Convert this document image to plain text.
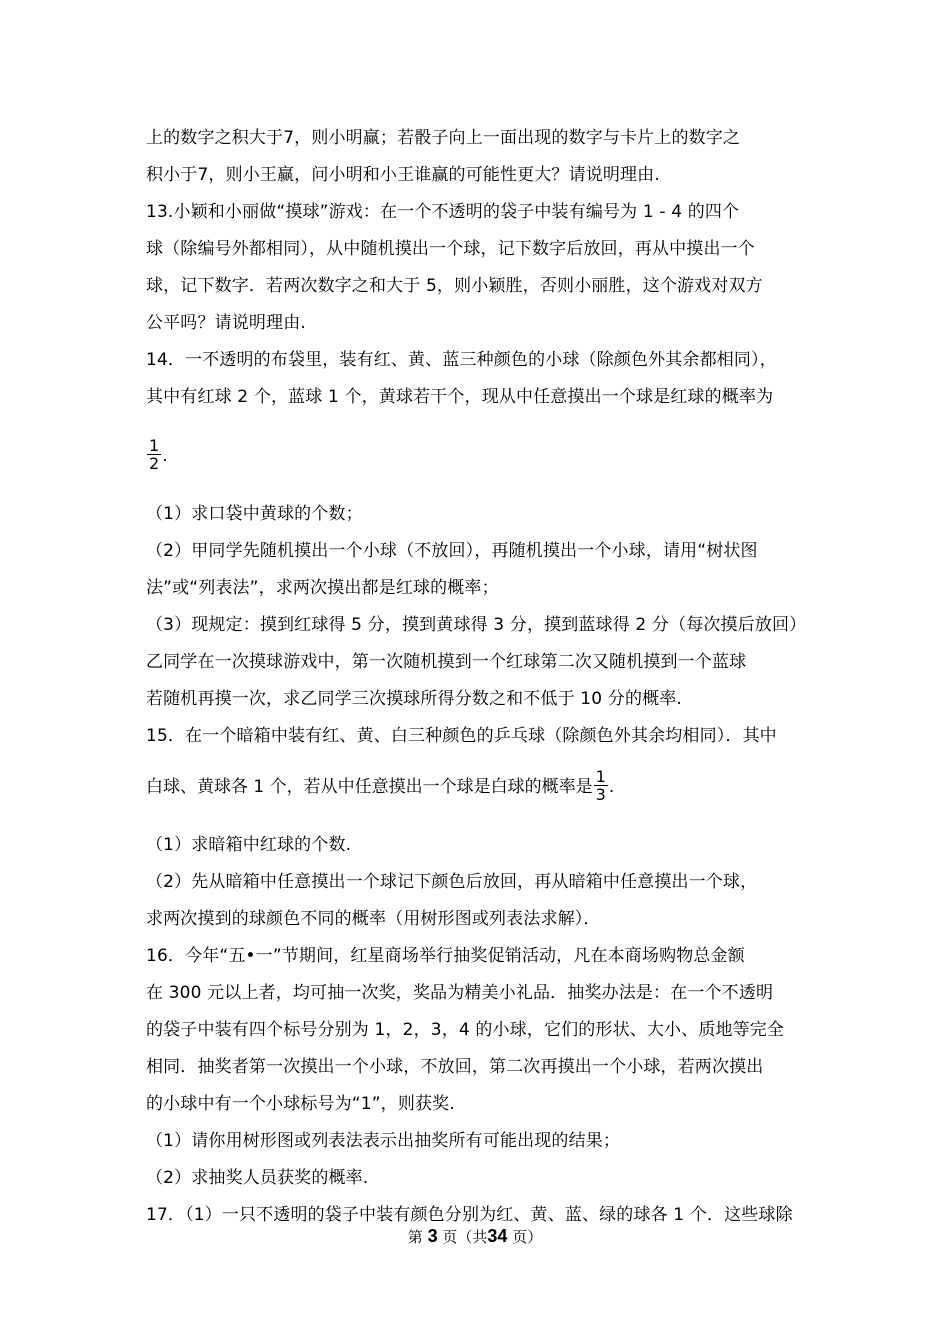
上的数字之积大于7，则小明赢；若骰子向上一面出现的数字与卡片上的数字之
积小于7，则小王赢，问小明和小王谁赢的可能性更大？请说明理由.
13.小颖和小丽做“摸球”游戏：在一个不透明的袋子中装有编号为 1 - 4 的四个
球（除编号外都相同），从中随机摸出一个球，记下数字后放回，再从中摸出一个
球，记下数字．若两次数字之和大于 5，则小颖胜，否则小丽胜，这个游戏对双方
公平吗？请说明理由.
14．一不透明的布袋里，装有红、黄、蓝三种颜色的小球（除颜色外其余都相同），
其中有红球 2 个，蓝球 1 个，黄球若干个，现从中任意摸出一个球是红球的概率为
$\frac{1}{2}$ .
（1）求口袋中黄球的个数；
（2）甲同学先随机摸出一个小球（不放回），再随机摸出一个小球，请用“树状图
法”或“列表法”，求两次摸出都是红球的概率；
（3）现规定：摸到红球得 5 分，摸到黄球得 3 分，摸到蓝球得 2 分（每次摸后放回）
乙同学在一次摸球游戏中，第一次随机摸到一个红球第二次又随机摸到一个蓝球
若随机再摸一次，求乙同学三次摸球所得分数之和不低于 10 分的概率.
15．在一个暗箱中装有红、黄、白三种颜色的乒乓球（除颜色外其余均相同）．其中
白球、黄球各 1 个，若从中任意摸出一个球是白球的概率是 $\frac{1}{3}$ .
（1）求暗箱中红球的个数.
（2）先从暗箱中任意摸出一个球记下颜色后放回，再从暗箱中任意摸出一个球，
求两次摸到的球颜色不同的概率（用树形图或列表法求解）．
16．今年“五•一”节期间，红星商场举行抽奖促销活动，凡在本商场购物总金额
在 300 元以上者，均可抽一次奖，奖品为精美小礼品．抽奖办法是：在一个不透明
的袋子中装有四个标号分别为 1，2，3，4 的小球，它们的形状、大小、质地等完全
相同．抽奖者第一次摸出一个小球，不放回，第二次再摸出一个小球，若两次摸出
的小球中有一个小球标号为“1”，则获奖.
（1）请你用树形图或列表法表示出抽奖所有可能出现的结果；
（2）求抽奖人员获奖的概率.
17．（1）一只不透明的袋子中装有颜色分别为红、黄、蓝、绿的球各 1 个．这些球除
第 3 页（共34 页）
